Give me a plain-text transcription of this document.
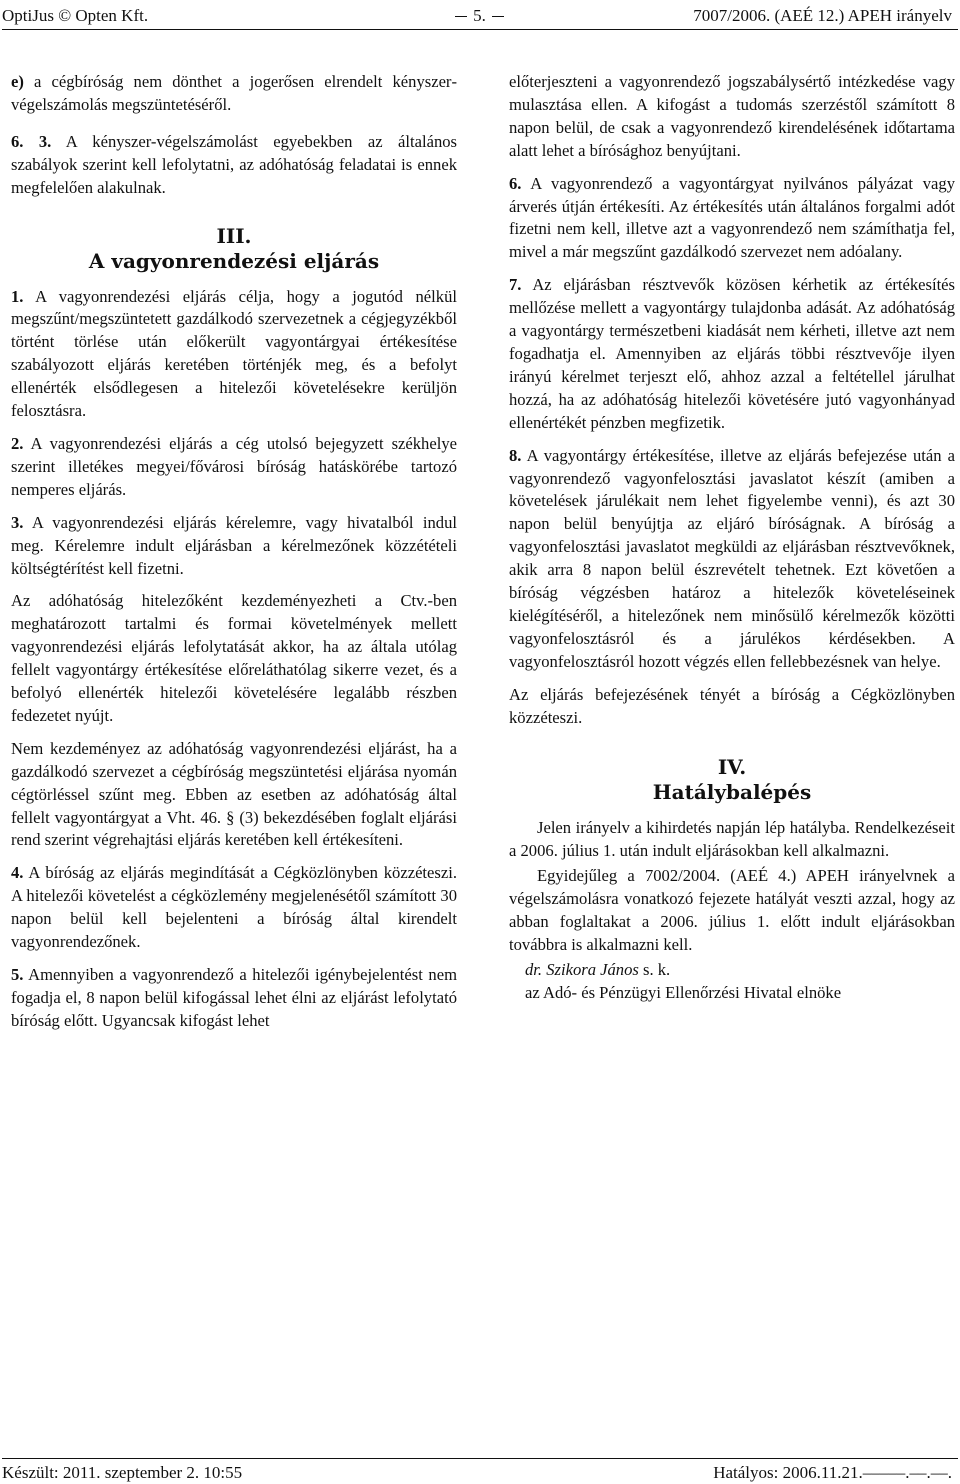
OptiJus © Opten Kft.	5.	7007/2006. (AEÉ 12.) APEH irányelv

e) a cégbíróság nem dönthet a jogerősen elrendelt kényszervégelszámolás megszüntetéséről.

6. 3. A kényszer-végelszámolást egyebekben az általános szabályok szerint kell lefolytatni, az adóhatóság feladatai is ennek megfelelően alakulnak.

III.
A vagyonrendezési eljárás

1. A vagyonrendezési eljárás célja, hogy a jogutód nélkül megszűnt/megszüntetett gazdálkodó szervezetnek a cégjegyzékből történt törlése után előkerült vagyontárgyai értékesítése szabályozott eljárás keretében történjék meg, és a befolyt ellenérték elsődlegesen a hitelezői követelésekre kerüljön felosztásra.

2. A vagyonrendezési eljárás a cég utolsó bejegyzett székhelye szerint illetékes megyei/fővárosi bíróság hatáskörébe tartozó nemperes eljárás.

3. A vagyonrendezési eljárás kérelemre, vagy hivatalból indul meg. Kérelemre indult eljárásban a kérelmezőnek közzétételi költségtérítést kell fizetni.

Az adóhatóság hitelezőként kezdeményezheti a Ctv.-ben meghatározott tartalmi és formai követelmények mellett vagyonrendezési eljárás lefolytatását akkor, ha az általa utólag fellelt vagyontárgy értékesítése előreláthatólag sikerre vezet, és a befolyó ellenérték hitelezői követelésére legalább részben fedezetet nyújt.

Nem kezdeményez az adóhatóság vagyonrendezési eljárást, ha a gazdálkodó szervezet a cégbíróság megszüntetési eljárása nyomán cégtörléssel szűnt meg. Ebben az esetben az adóhatóság által fellelt vagyontárgyat a Vht. 46. § (3) bekezdésében foglalt eljárási rend szerint végrehajtási eljárás keretében kell értékesíteni.

4. A bíróság az eljárás megindítását a Cégközlönyben közzéteszi. A hitelezői követelést a cégközlemény megjelenésétől számított 30 napon belül kell bejelenteni a bíróság által kirendelt vagyonrendezőnek.

5. Amennyiben a vagyonrendező a hitelezői igénybejelentést nem fogadja el, 8 napon belül kifogással lehet élni az eljárást lefolytató bíróság előtt. Ugyancsak kifogást lehet

előterjeszteni a vagyonrendező jogszabálysértő intézkedése vagy mulasztása ellen. A kifogást a tudomás szerzéstől számított 8 napon belül, de csak a vagyonrendező kirendelésének időtartama alatt lehet a bírósághoz benyújtani.

6. A vagyonrendező a vagyontárgyat nyilvános pályázat vagy árverés útján értékesíti. Az értékesítés után általános forgalmi adót fizetni nem kell, illetve azt a vagyonrendező nem számíthatja fel, mivel a már megszűnt gazdálkodó szervezet nem adóalany.

7. Az eljárásban résztvevők közösen kérhetik az értékesítés mellőzése mellett a vagyontárgy tulajdonba adását. Az adóhatóság a vagyontárgy természetbeni kiadását nem kérheti, illetve azt nem fogadhatja el. Amennyiben az eljárás többi résztvevője ilyen irányú kérelmet terjeszt elő, ahhoz azzal a feltétellel járulhat hozzá, ha az adóhatóság hitelezői követésére jutó vagyonhányad ellenértékét pénzben megfizetik.

8. A vagyontárgy értékesítése, illetve az eljárás befejezése után a vagyonrendező vagyonfelosztási javaslatot készít (amiben a követelések járulékait nem lehet figyelembe venni), és azt 30 napon belül benyújtja az eljáró bíróságnak. A bíróság a vagyonfelosztási javaslatot megküldi az eljárásban résztvevőknek, akik arra 8 napon belül észrevételt tehetnek. Ezt követően a bíróság végzésben határoz a hitelezők követeléseinek kielégítéséről, a hitelezőnek nem minősülő kérelmezők közötti vagyonfelosztásról és a járulékos kérdésekben. A vagyonfelosztásról hozott végzés ellen fellebbezésnek van helye.

Az eljárás befejezésének tényét a bíróság a Cégközlönyben közzéteszi.

IV.
Hatálybalépés

Jelen irányelv a kihirdetés napján lép hatályba. Rendelkezéseit a 2006. július 1. után indult eljárásokban kell alkalmazni.

Egyidejűleg a 7002/2004. (AEÉ 4.) APEH irányelvnek a végelszámolásra vonatkozó fejezete hatályát veszti azzal, hogy az abban foglaltakat a 2006. július 1. előtt indult eljárásokban továbbra is alkalmazni kell.

dr. Szikora János s. k.

az Adó- és Pénzügyi Ellenőrzési Hivatal elnöke

Készült: 2011. szeptember 2. 10:55	Hatályos: 2006.11.21.–––––.––.––.
